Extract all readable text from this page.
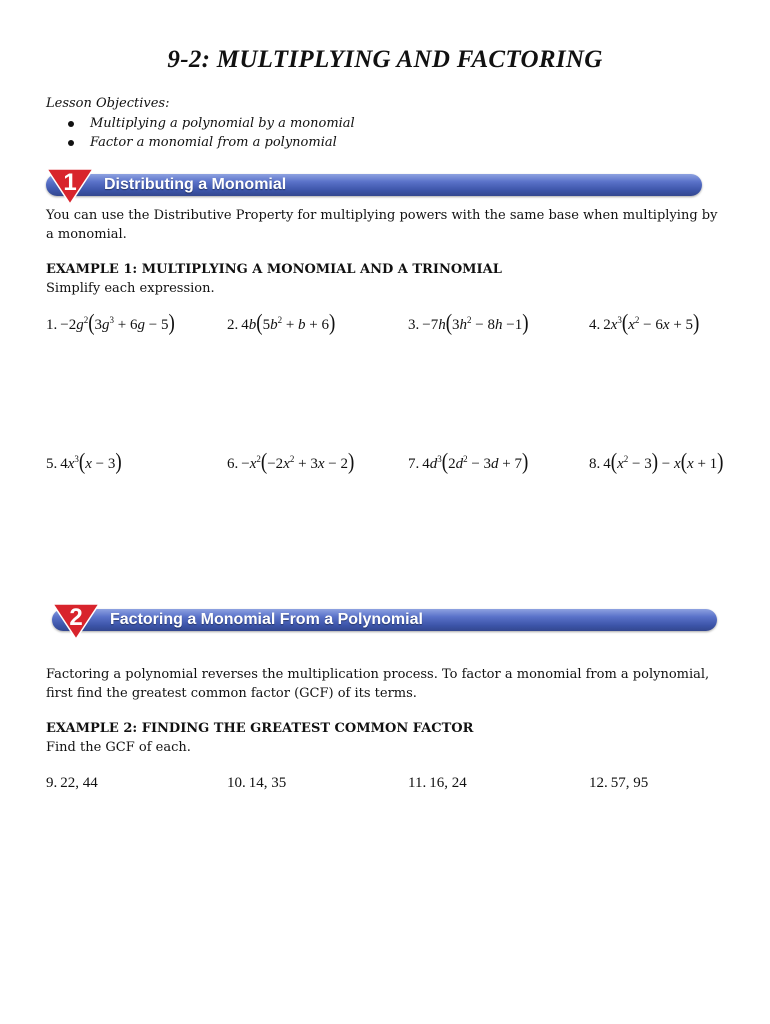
9-2: MULTIPLYING AND FACTORING
Lesson Objectives:
Multiplying a polynomial by a monomial
Factor a monomial from a polynomial
1	Distributing a Monomial
You can use the Distributive Property for multiplying powers with the same base when multiplying by a monomial.
EXAMPLE 1: MULTIPLYING A MONOMIAL AND A TRINOMIAL
Simplify each expression.
1. $-2g^2(3g^3 + 6g - 5)$	2. $4b(5b^2 + b + 6)$	3. $-7h(3h^2 - 8h -1)$	4. $2x^3(x^2 - 6x + 5)$
5. $4x^3(x - 3)$	6. $-x^2(-2x^2 + 3x - 2)$	7. $4d^3(2d^2 - 3d + 7)$	8. $4(x^2 - 3) - x(x + 1)$
2	Factoring a Monomial From a Polynomial
Factoring a polynomial reverses the multiplication process. To factor a monomial from a polynomial, first find the greatest common factor (GCF) of its terms.
EXAMPLE 2: FINDING THE GREATEST COMMON FACTOR
Find the GCF of each.
9. 22, 44	10. 14, 35	11. 16, 24	12. 57, 95
